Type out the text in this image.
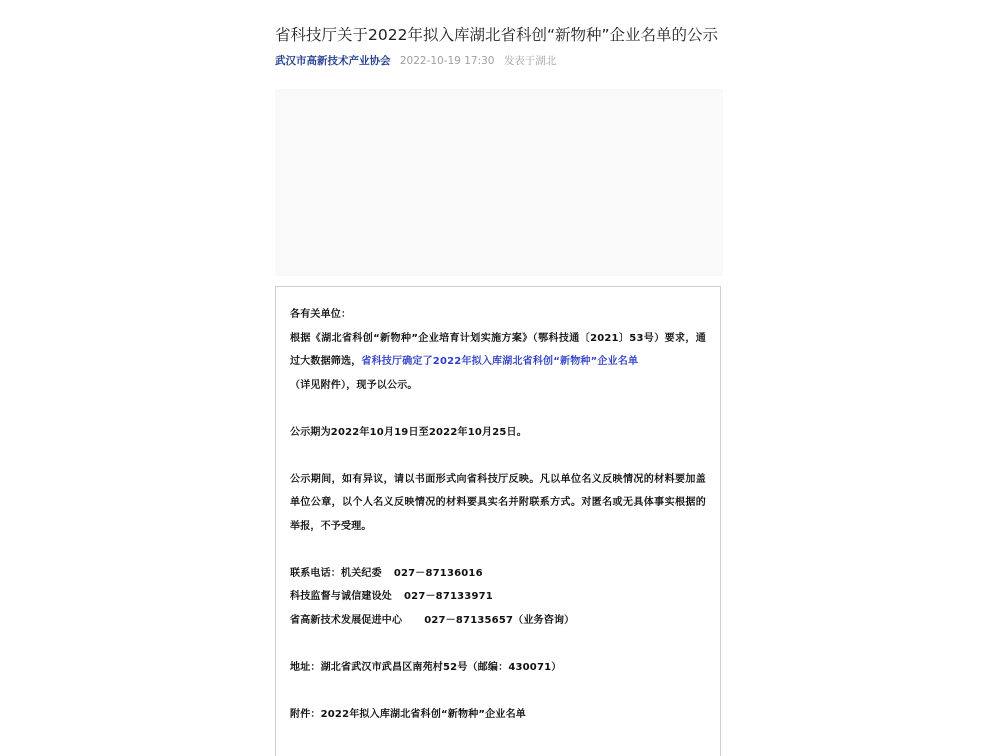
省科技厅关于2022年拟入库湖北省科创“新物种”企业名单的公示
武汉市高新技术产业协会 2022-10-19 17:30 发表于湖北

各有关单位：

根据《湖北省科创“新物种”企业培育计划实施方案》（鄂科技通〔2021〕53号）要求，通过大数据筛选，省科技厅确定了2022年拟入库湖北省科创“新物种”企业名单
（详见附件），现予以公示。

公示期为2022年10月19日至2022年10月25日。

公示期间，如有异议，请以书面形式向省科技厅反映。凡以单位名义反映情况的材料要加盖单位公章，以个人名义反映情况的材料要具实名并附联系方式。对匿名或无具体事实根据的举报，不予受理。

联系电话：机关纪委 027－87136016

科技监督与诚信建设处 027－87133971

省高新技术发展促进中心 027－87135657（业务咨询）

地址：湖北省武汉市武昌区南苑村52号（邮编：430071）

附件：2022年拟入库湖北省科创“新物种”企业名单
